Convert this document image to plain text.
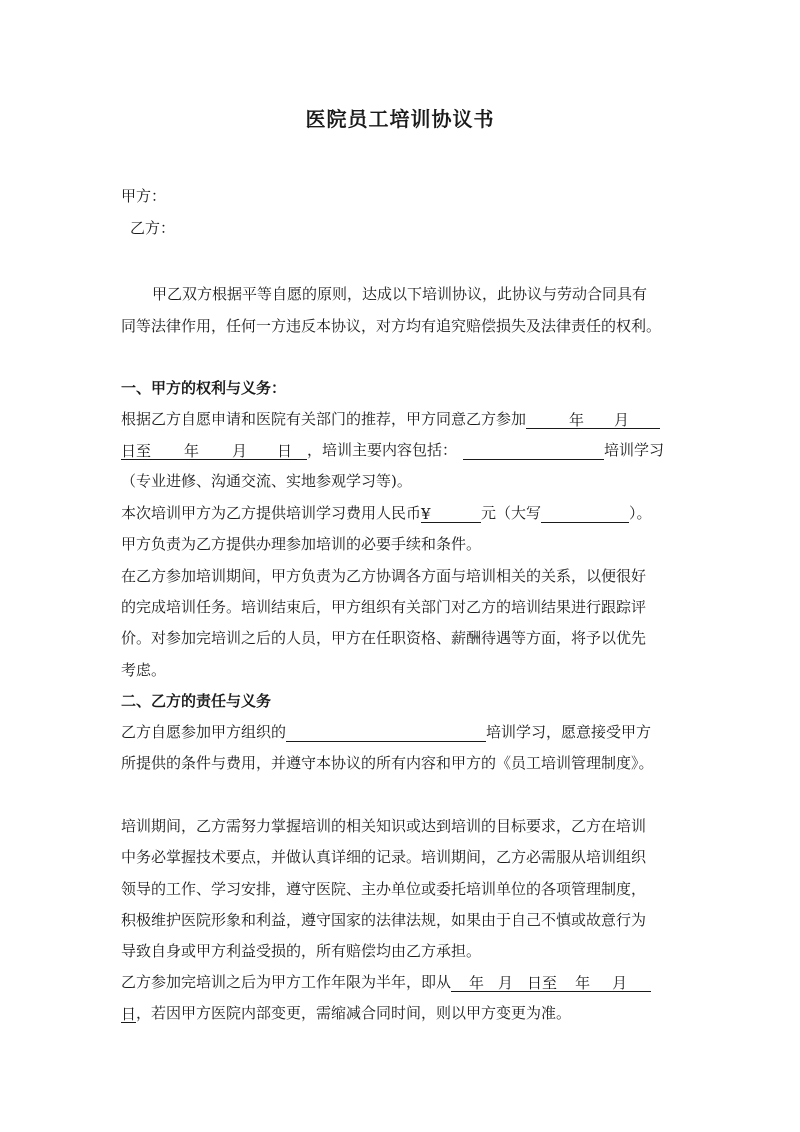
医院员工培训协议书
甲方：
乙方：
甲乙双方根据平等自愿的原则，达成以下培训协议，此协议与劳动合同具有
同等法律作用，任何一方违反本协议，对方均有追究赔偿损失及法律责任的权利。
一、甲方的权利与义务：
根据乙方自愿申请和医院有关部门的推荐，甲方同意乙方参加	年 月
日至 年 月 日 ，培训主要内容包括：	培训学习
（专业进修、沟通交流、实地参观学习等)。
本次培训甲方为乙方提供培训学习费用人民币¥	元（大写	）。
甲方负责为乙方提供办理参加培训的必要手续和条件。
在乙方参加培训期间，甲方负责为乙方协调各方面与培训相关的关系，以便很好
的完成培训任务。培训结束后，甲方组织有关部门对乙方的培训结果进行跟踪评
价。对参加完培训之后的人员，甲方在任职资格、薪酬待遇等方面，将予以优先
考虑。
二、乙方的责任与义务
乙方自愿参加甲方组织的	培训学习，愿意接受甲方
所提供的条件与费用，并遵守本协议的所有内容和甲方的《员工培训管理制度》。
培训期间，乙方需努力掌握培训的相关知识或达到培训的目标要求，乙方在培训
中务必掌握技术要点，并做认真详细的记录。培训期间，乙方必需服从培训组织
领导的工作、学习安排，遵守医院、主办单位或委托培训单位的各项管理制度，
积极维护医院形象和利益，遵守国家的法律法规，如果由于自己不慎或故意行为
导致自身或甲方利益受损的，所有赔偿均由乙方承担。
乙方参加完培训之后为甲方工作年限为半年，即从 年 月 日至 年 月
日，若因甲方医院内部变更，需缩减合同时间，则以甲方变更为准。
